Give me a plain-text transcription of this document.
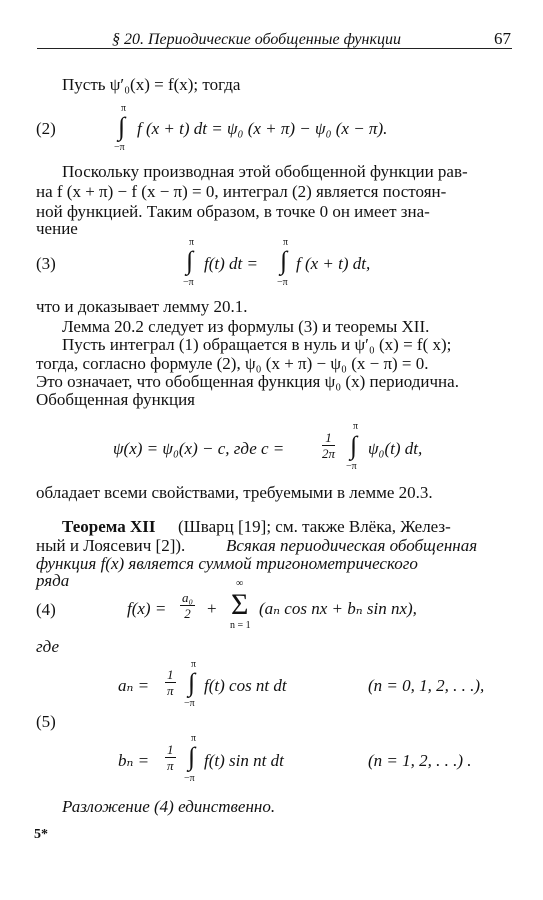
§ 20. Периодические обобщенные функции	67
Пусть ψ′₀(x) = f(x); тогда
(2)
π
∫
−π
f (x + t) dt = ψ₀ (x + π) − ψ₀ (x − π).
Поскольку производная этой обобщенной функции рав-
на f (x + π) − f (x − π) = 0, интеграл (2) является постоян-
ной функцией. Таким образом, в точке 0 он имеет зна-
чение
(3)
π
∫
−π
f(t) dt =
π
∫
−π
f (x + t) dt,
что и доказывает лемму 20.1.
Лемма 20.2 следует из формулы (3) и теоремы XII.
Пусть интеграл (1) обращается в нуль и ψ′₀ (x) = f( x);
тогда, согласно формуле (2), ψ₀ (x + π) − ψ₀ (x − π) = 0.
Это означает, что обобщенная функция ψ₀ (x) периодична.
Обобщенная функция
ψ(x) = ψ₀(x) − c, где c =	$\frac{1}{2\pi}$
π
∫
−π
ψ₀(t) dt,
обладает всеми свойствами, требуемыми в лемме 20.3.
Теорема XII (Шварц [19]; см. также Влёка, Желез-
ный и Лоясевич [2]). Всякая периодическая обобщенная
функция f(x) является суммой тригонометрического
ряда
(4)	$f(x) = \frac{\text{a₀}}{2}$ +
∞
Σ
n = 1
(aₙ cos nx + bₙ sin nx),
где
$a_n = \frac{1}{\pi}$
π
∫
−π
f(t) cos nt dt	(n = 0, 1, 2, . . .),
(5)
$b_n = \frac{1}{\pi}$
π
∫
−π
f(t) sin nt dt	(n = 1, 2, . . .) .
Разложение (4) единственно.
5*
